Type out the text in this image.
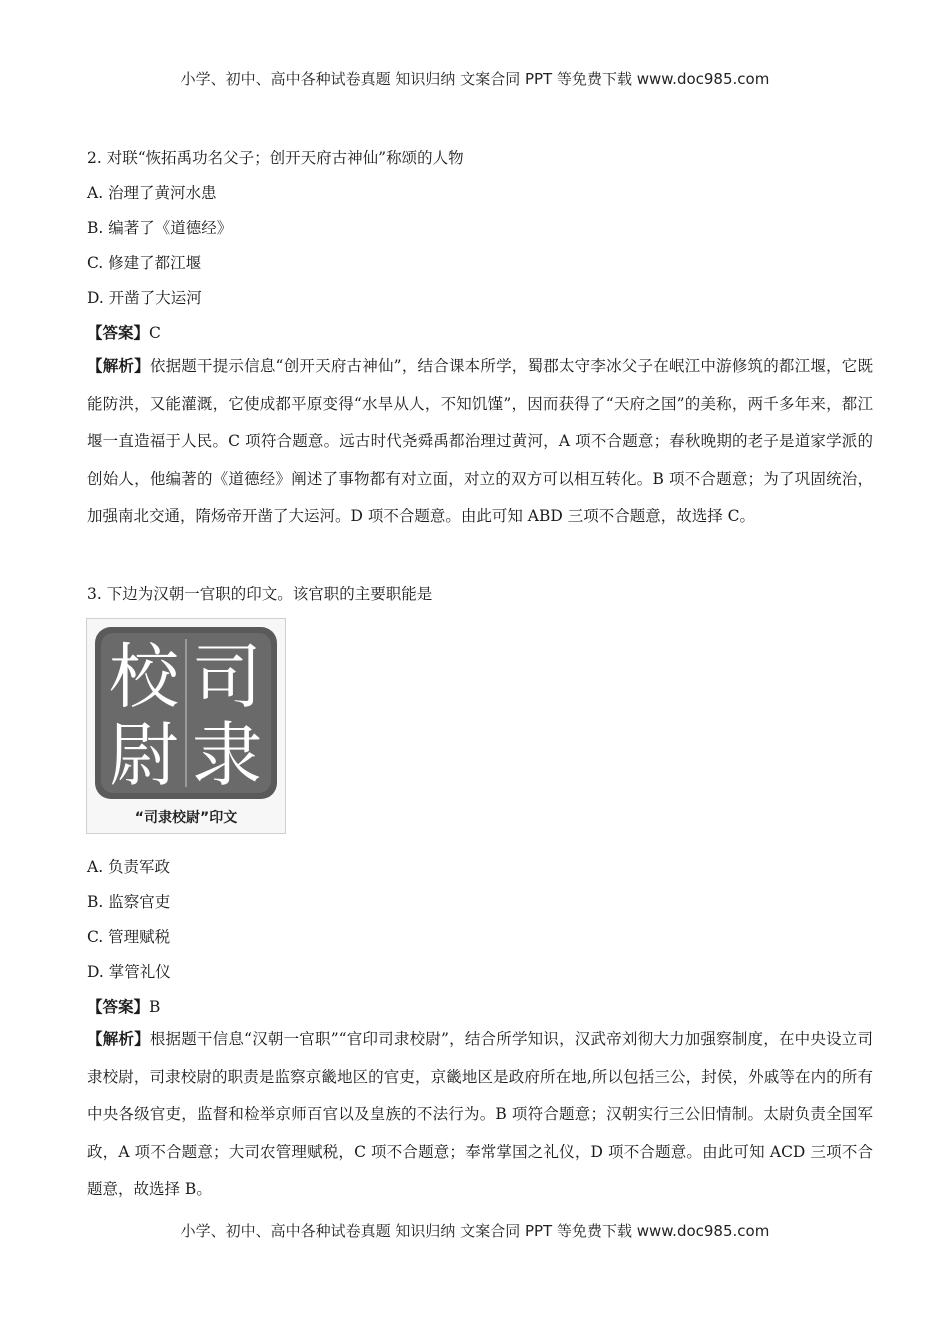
小学、初中、高中各种试卷真题 知识归纳 文案合同 PPT 等免费下载 www.doc985.com
2. 对联“恢拓禹功名父子；创开天府古神仙”称颂的人物
A. 治理了黄河水患
B. 编著了《道德经》
C. 修建了都江堰
D. 开凿了大运河
【答案】C
【解析】依据题干提示信息“创开天府古神仙”，结合课本所学，蜀郡太守李冰父子在岷江中游修筑的都江堰，它既能防洪，又能灌溉，它使成都平原变得“水旱从人，不知饥馑”，因而获得了“天府之国”的美称，两千多年来，都江堰一直造福于人民。C 项符合题意。远古时代尧舜禹都治理过黄河，A 项不合题意；春秋晚期的老子是道家学派的创始人，他编著的《道德经》阐述了事物都有对立面，对立的双方可以相互转化。B 项不合题意；为了巩固统治，加强南北交通，隋炀帝开凿了大运河。D 项不合题意。由此可知 ABD 三项不合题意，故选择 C。
3. 下边为汉朝一官职的印文。该官职的主要职能是
司
隶
校
尉
“司隶校尉”印文
A. 负责军政
B. 监察官吏
C. 管理赋税
D. 掌管礼仪
【答案】B
【解析】根据题干信息“汉朝一官职”“官印司隶校尉”，结合所学知识，汉武帝刘彻大力加强察制度，在中央设立司隶校尉，司隶校尉的职责是监察京畿地区的官吏，京畿地区是政府所在地,所以包括三公，封侯，外戚等在内的所有中央各级官吏，监督和检举京师百官以及皇族的不法行为。B 项符合题意；汉朝实行三公旧情制。太尉负责全国军政，A 项不合题意；大司农管理赋税，C 项不合题意；奉常掌国之礼仪，D 项不合题意。由此可知 ACD 三项不合题意，故选择 B。
小学、初中、高中各种试卷真题 知识归纳 文案合同 PPT 等免费下载 www.doc985.com
